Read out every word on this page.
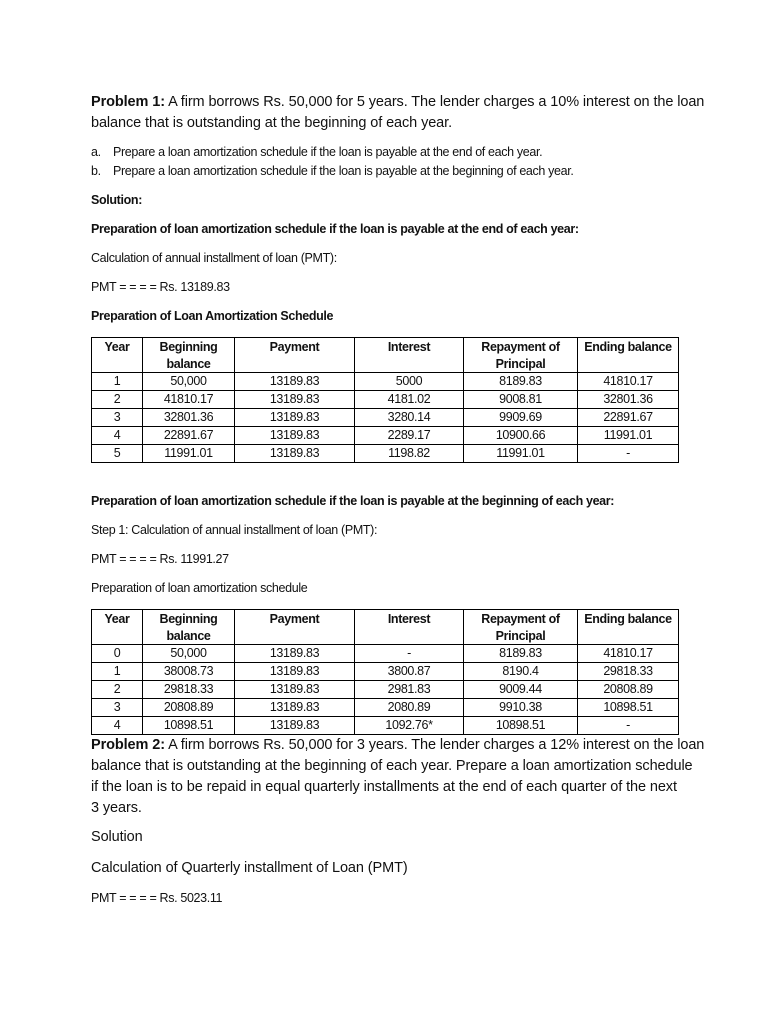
Problem 1: A firm borrows Rs. 50,000 for 5 years. The lender charges a 10% interest on the loan
balance that is outstanding at the beginning of each year.
a. Prepare a loan amortization schedule if the loan is payable at the end of each year.
b. Prepare a loan amortization schedule if the loan is payable at the beginning of each year.
Solution:
Preparation of loan amortization schedule if the loan is payable at the end of each year:
Calculation of annual installment of loan (PMT):
PMT = = = = Rs. 13189.83
Preparation of Loan Amortization Schedule
Year	Beginning balance	Payment	Interest	Repayment of Principal	Ending balance
1	50,000	13189.83	5000	8189.83	41810.17
2	41810.17	13189.83	4181.02	9008.81	32801.36
3	32801.36	13189.83	3280.14	9909.69	22891.67
4	22891.67	13189.83	2289.17	10900.66	11991.01
5	11991.01	13189.83	1198.82	11991.01	-
Preparation of loan amortization schedule if the loan is payable at the beginning of each year:
Step 1: Calculation of annual installment of loan (PMT):
PMT = = = = Rs. 11991.27
Preparation of loan amortization schedule
Year	Beginning balance	Payment	Interest	Repayment of Principal	Ending balance
0	50,000	13189.83	-	8189.83	41810.17
1	38008.73	13189.83	3800.87	8190.4	29818.33
2	29818.33	13189.83	2981.83	9009.44	20808.89
3	20808.89	13189.83	2080.89	9910.38	10898.51
4	10898.51	13189.83	1092.76*	10898.51	-
Problem 2: A firm borrows Rs. 50,000 for 3 years. The lender charges a 12% interest on the loan
balance that is outstanding at the beginning of each year. Prepare a loan amortization schedule
if the loan is to be repaid in equal quarterly installments at the end of each quarter of the next
3 years.
Solution
Calculation of Quarterly installment of Loan (PMT)
PMT = = = = Rs. 5023.11
